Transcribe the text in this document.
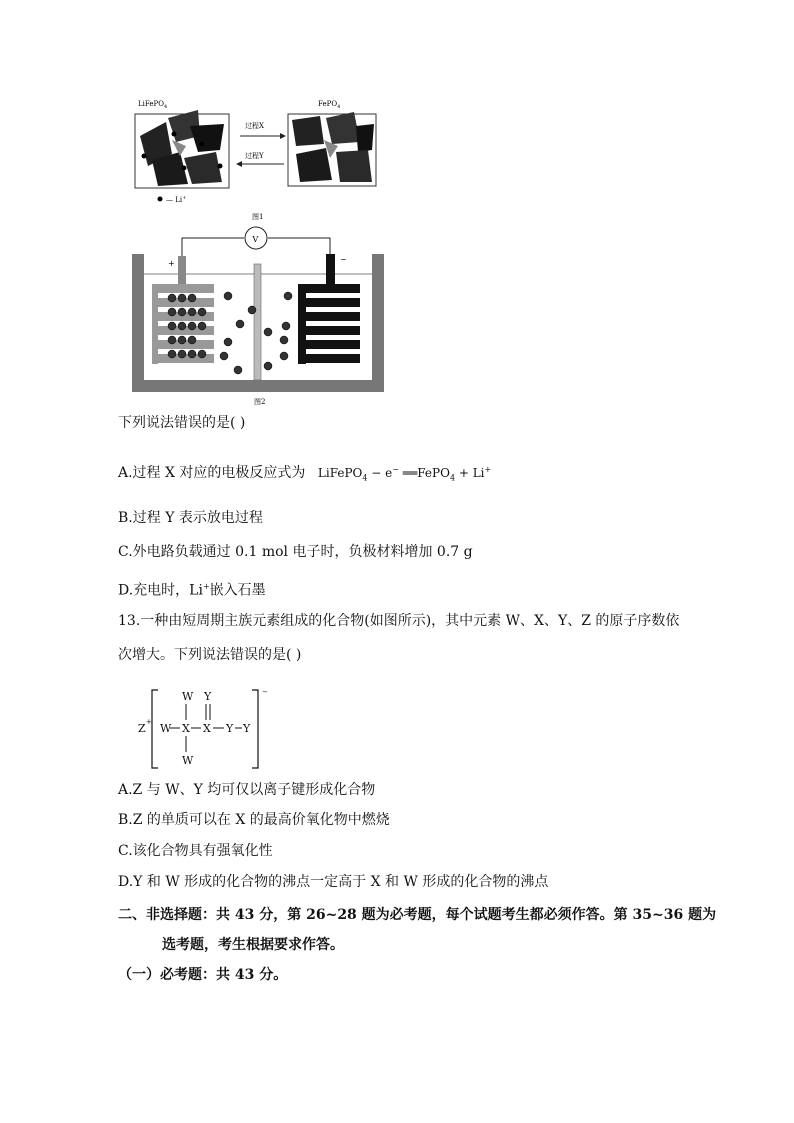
LiFePO$_4$	FePO$_4$
过程X
过程Y
— Li+
图1
V
+	−
图2
下列说法错误的是( )
A.过程 X 对应的电极反应式为 LiFePO$_4$ − e− ══FePO$_4$ + Li+
B.过程 Y 表示放电过程
C.外电路负载通过 0.1 mol 电子时，负极材料增加 0.7 g
D.充电时，Li+嵌入石墨
13.一种由短周期主族元素组成的化合物(如图所示)，其中元素 W、X、Y、Z 的原子序数依
次增大。下列说法错误的是( )
Z +
−
W X
W
W
X
Y
Y Y
A.Z 与 W、Y 均可仅以离子键形成化合物
B.Z 的单质可以在 X 的最高价氧化物中燃烧
C.该化合物具有强氧化性
D.Y 和 W 形成的化合物的沸点一定高于 X 和 W 形成的化合物的沸点
二、非选择题：共 43 分，第 26~28 题为必考题，每个试题考生都必须作答。第 35~36 题为
选考题，考生根据要求作答。
（一）必考题：共 43 分。
